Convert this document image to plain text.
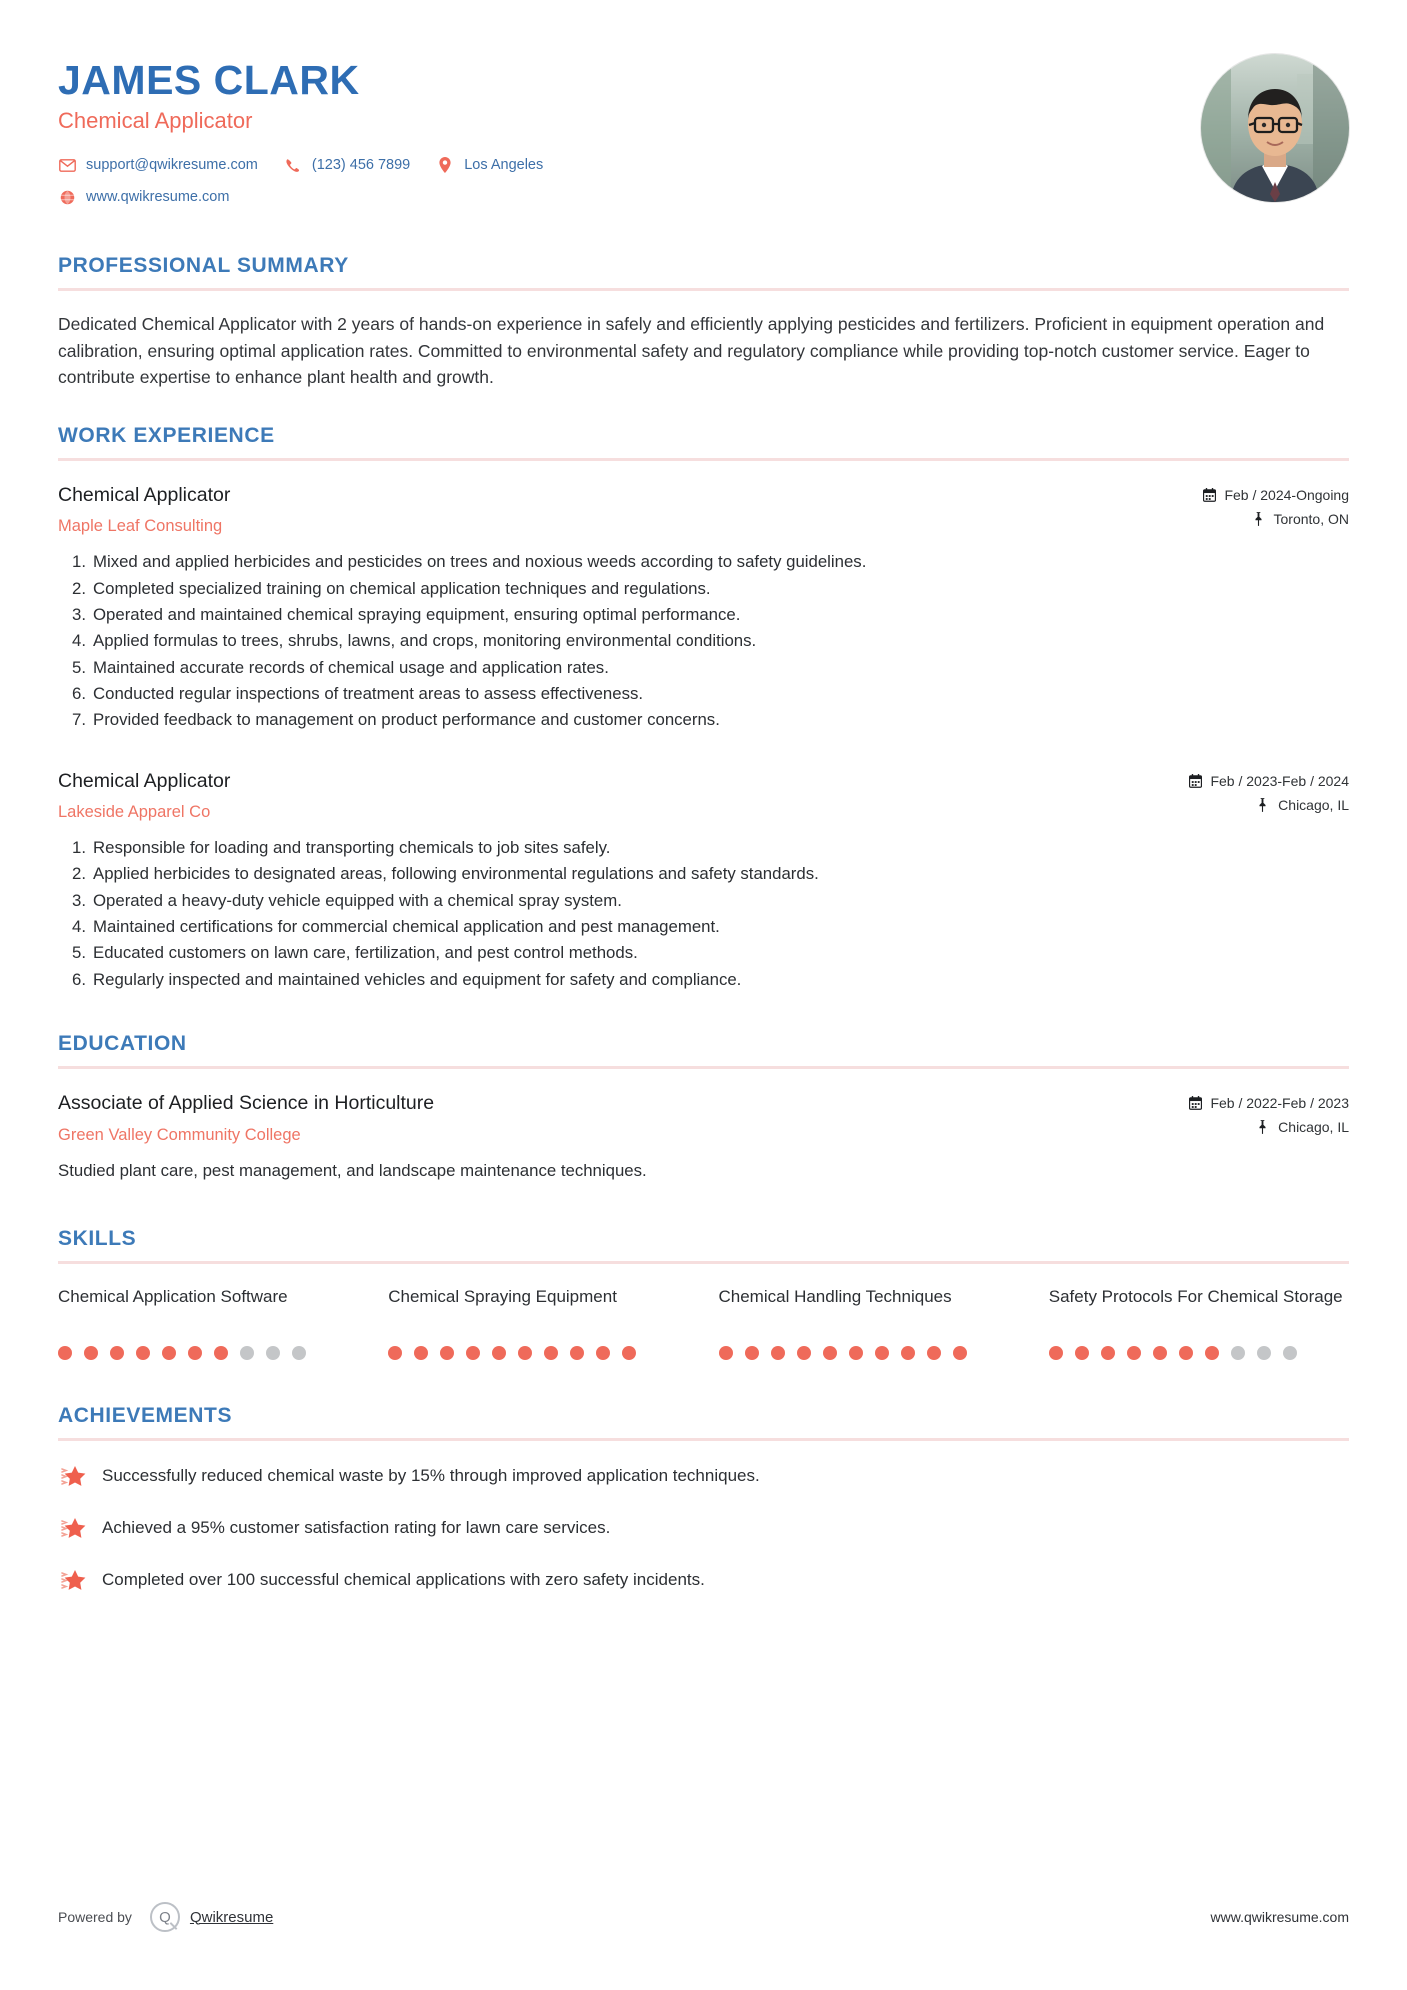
JAMES CLARK
Chemical Applicator
support@qwikresume.com	(123) 456 7899	Los Angeles
www.qwikresume.com
PROFESSIONAL SUMMARY
Dedicated Chemical Applicator with 2 years of hands-on experience in safely and efficiently applying pesticides and fertilizers. Proficient in equipment operation and calibration, ensuring optimal application rates. Committed to environmental safety and regulatory compliance while providing top-notch customer service. Eager to contribute expertise to enhance plant health and growth.
WORK EXPERIENCE
Chemical Applicator
Maple Leaf Consulting
Feb / 2024-Ongoing
Toronto, ON
1. Mixed and applied herbicides and pesticides on trees and noxious weeds according to safety guidelines.
2. Completed specialized training on chemical application techniques and regulations.
3. Operated and maintained chemical spraying equipment, ensuring optimal performance.
4. Applied formulas to trees, shrubs, lawns, and crops, monitoring environmental conditions.
5. Maintained accurate records of chemical usage and application rates.
6. Conducted regular inspections of treatment areas to assess effectiveness.
7. Provided feedback to management on product performance and customer concerns.
Chemical Applicator
Lakeside Apparel Co
Feb / 2023-Feb / 2024
Chicago, IL
1. Responsible for loading and transporting chemicals to job sites safely.
2. Applied herbicides to designated areas, following environmental regulations and safety standards.
3. Operated a heavy-duty vehicle equipped with a chemical spray system.
4. Maintained certifications for commercial chemical application and pest management.
5. Educated customers on lawn care, fertilization, and pest control methods.
6. Regularly inspected and maintained vehicles and equipment for safety and compliance.
EDUCATION
Associate of Applied Science in Horticulture
Green Valley Community College
Feb / 2022-Feb / 2023
Chicago, IL
Studied plant care, pest management, and landscape maintenance techniques.
SKILLS
Chemical Application Software	Chemical Spraying Equipment	Chemical Handling Techniques	Safety Protocols For Chemical Storage
ACHIEVEMENTS
Successfully reduced chemical waste by 15% through improved application techniques.
Achieved a 95% customer satisfaction rating for lawn care services.
Completed over 100 successful chemical applications with zero safety incidents.
Powered by	Q	Qwikresume	www.qwikresume.com
